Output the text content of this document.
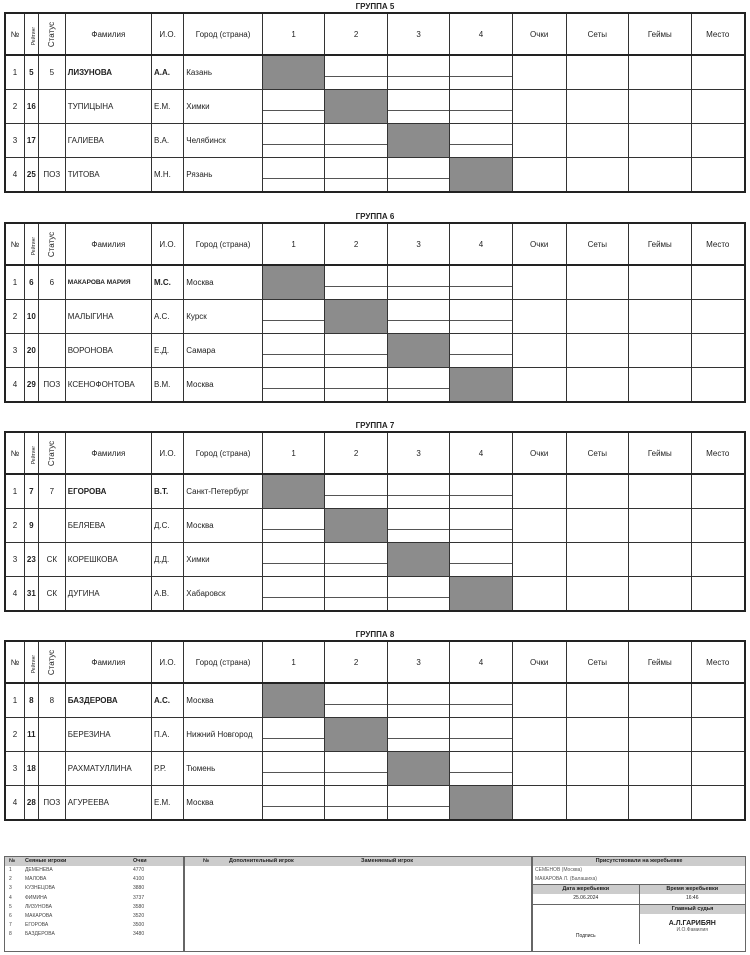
ГРУППА 5
№	Рейтинг	Статус	Фамилия	И.О.	Город (страна)	1	2	3	4	Очки	Сеты	Геймы	Место
1	5	5	ЛИЗУНОВА	А.А.	Казань		

2	16		ТУПИЦЫНА	Е.М.	Химки	

3	17		ГАЛИЕВА	В.А.	Челябинск	

4	25	ПОЗ	ТИТОВА	М.Н.	Рязань	

ГРУППА 6
№	Рейтинг	Статус	Фамилия	И.О.	Город (страна)	1	2	3	4	Очки	Сеты	Геймы	Место
1	6	6	МАКАРОВА МАРИЯ	М.С.	Москва		

2	10		МАЛЫГИНА	А.С.	Курск	

3	20		ВОРОНОВА	Е.Д.	Самара	

4	29	ПОЗ	КСЕНОФОНТОВА	В.М.	Москва	

ГРУППА 7
№	Рейтинг	Статус	Фамилия	И.О.	Город (страна)	1	2	3	4	Очки	Сеты	Геймы	Место
1	7	7	ЕГОРОВА	В.Т.	Санкт-Петербург		

2	9		БЕЛЯЕВА	Д.С.	Москва	

3	23	СК	КОРЕШКОВА	Д.Д.	Химки	

4	31	СК	ДУГИНА	А.В.	Хабаровск	

ГРУППА 8
№	Рейтинг	Статус	Фамилия	И.О.	Город (страна)	1	2	3	4	Очки	Сеты	Геймы	Место
1	8	8	БАЗДЕРОВА	А.С.	Москва		

2	11		БЕРЕЗИНА	П.А.	Нижний Новгород	

3	18		РАХМАТУЛЛИНА	Р.Р.	Тюмень	

4	28	ПОЗ	АГУРЕЕВА	Е.М.	Москва	

№ Сеяные игроки	Очки
1	ДЕМЕНЕВА	4770
2	МАЛОВА	4100
3	КУЗНЕЦОВА	3880
4	ФИМИНА	3737
5	ЛИЗУНОВА	3580
6	МАКАРОВА	3520
7	ЕГОРОВА	3500
8	БАЗДЕРОВА	3480
№	Дополнительный игрок	Заменяемый игрок	Присутствовали на жеребьевке
СЕМЕНОВ (Москва)
МАКАРОВА Л. (Балашиха)
Дата жеребьевки	Время жеребьевки
25.06.2024	16:46
Главный судья
Подпись
А.Л.ГАРИБЯН
И.О.Фамилия
